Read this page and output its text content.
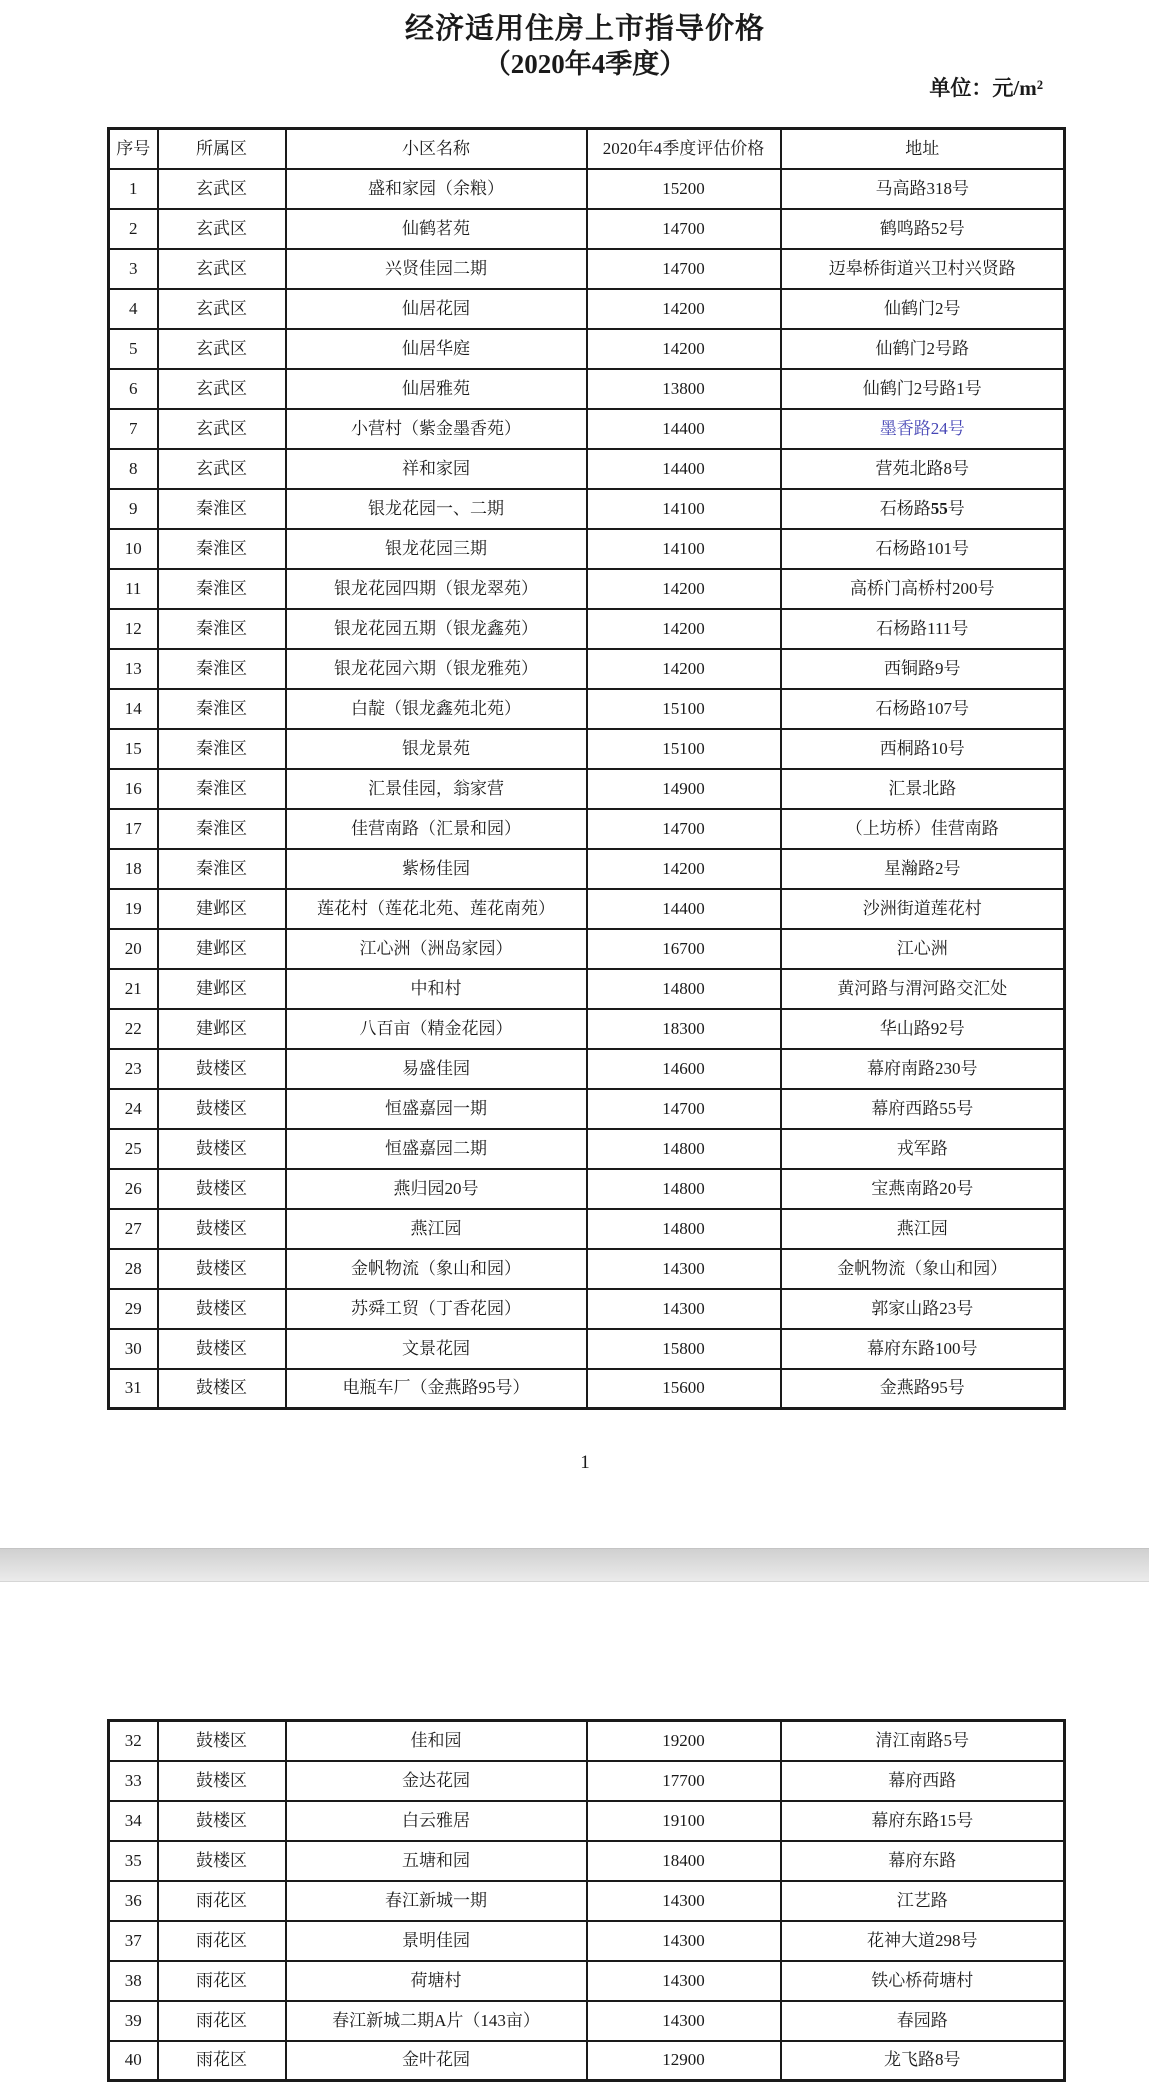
经济适用住房上市指导价格
（2020年4季度）
单位：元/m²
序号	所属区	小区名称	2020年4季度评估价格	地址
1	玄武区	盛和家园（余粮）	15200	马高路318号
2	玄武区	仙鹤茗苑	14700	鹤鸣路52号
3	玄武区	兴贤佳园二期	14700	迈皋桥街道兴卫村兴贤路
4	玄武区	仙居花园	14200	仙鹤门2号
5	玄武区	仙居华庭	14200	仙鹤门2号路
6	玄武区	仙居雅苑	13800	仙鹤门2号路1号
7	玄武区	小营村（紫金墨香苑）	14400	墨香路24号
8	玄武区	祥和家园	14400	营苑北路8号
9	秦淮区	银龙花园一、二期	14100	石杨路55号
10	秦淮区	银龙花园三期	14100	石杨路101号
11	秦淮区	银龙花园四期（银龙翠苑）	14200	高桥门高桥村200号
12	秦淮区	银龙花园五期（银龙鑫苑）	14200	石杨路111号
13	秦淮区	银龙花园六期（银龙雅苑）	14200	西铜路9号
14	秦淮区	白靛（银龙鑫苑北苑）	15100	石杨路107号
15	秦淮区	银龙景苑	15100	西桐路10号
16	秦淮区	汇景佳园，翁家营	14900	汇景北路
17	秦淮区	佳营南路（汇景和园）	14700	（上坊桥）佳营南路
18	秦淮区	紫杨佳园	14200	星瀚路2号
19	建邺区	莲花村（莲花北苑、莲花南苑）	14400	沙洲街道莲花村
20	建邺区	江心洲（洲岛家园）	16700	江心洲
21	建邺区	中和村	14800	黄河路与渭河路交汇处
22	建邺区	八百亩（精金花园）	18300	华山路92号
23	鼓楼区	易盛佳园	14600	幕府南路230号
24	鼓楼区	恒盛嘉园一期	14700	幕府西路55号
25	鼓楼区	恒盛嘉园二期	14800	戎军路
26	鼓楼区	燕归园20号	14800	宝燕南路20号
27	鼓楼区	燕江园	14800	燕江园
28	鼓楼区	金帆物流（象山和园）	14300	金帆物流（象山和园）
29	鼓楼区	苏舜工贸（丁香花园）	14300	郭家山路23号
30	鼓楼区	文景花园	15800	幕府东路100号
31	鼓楼区	电瓶车厂（金燕路95号）	15600	金燕路95号
1
32	鼓楼区	佳和园	19200	清江南路5号
33	鼓楼区	金达花园	17700	幕府西路
34	鼓楼区	白云雅居	19100	幕府东路15号
35	鼓楼区	五塘和园	18400	幕府东路
36	雨花区	春江新城一期	14300	江艺路
37	雨花区	景明佳园	14300	花神大道298号
38	雨花区	荷塘村	14300	铁心桥荷塘村
39	雨花区	春江新城二期A片（143亩）	14300	春园路
40	雨花区	金叶花园	12900	龙飞路8号
